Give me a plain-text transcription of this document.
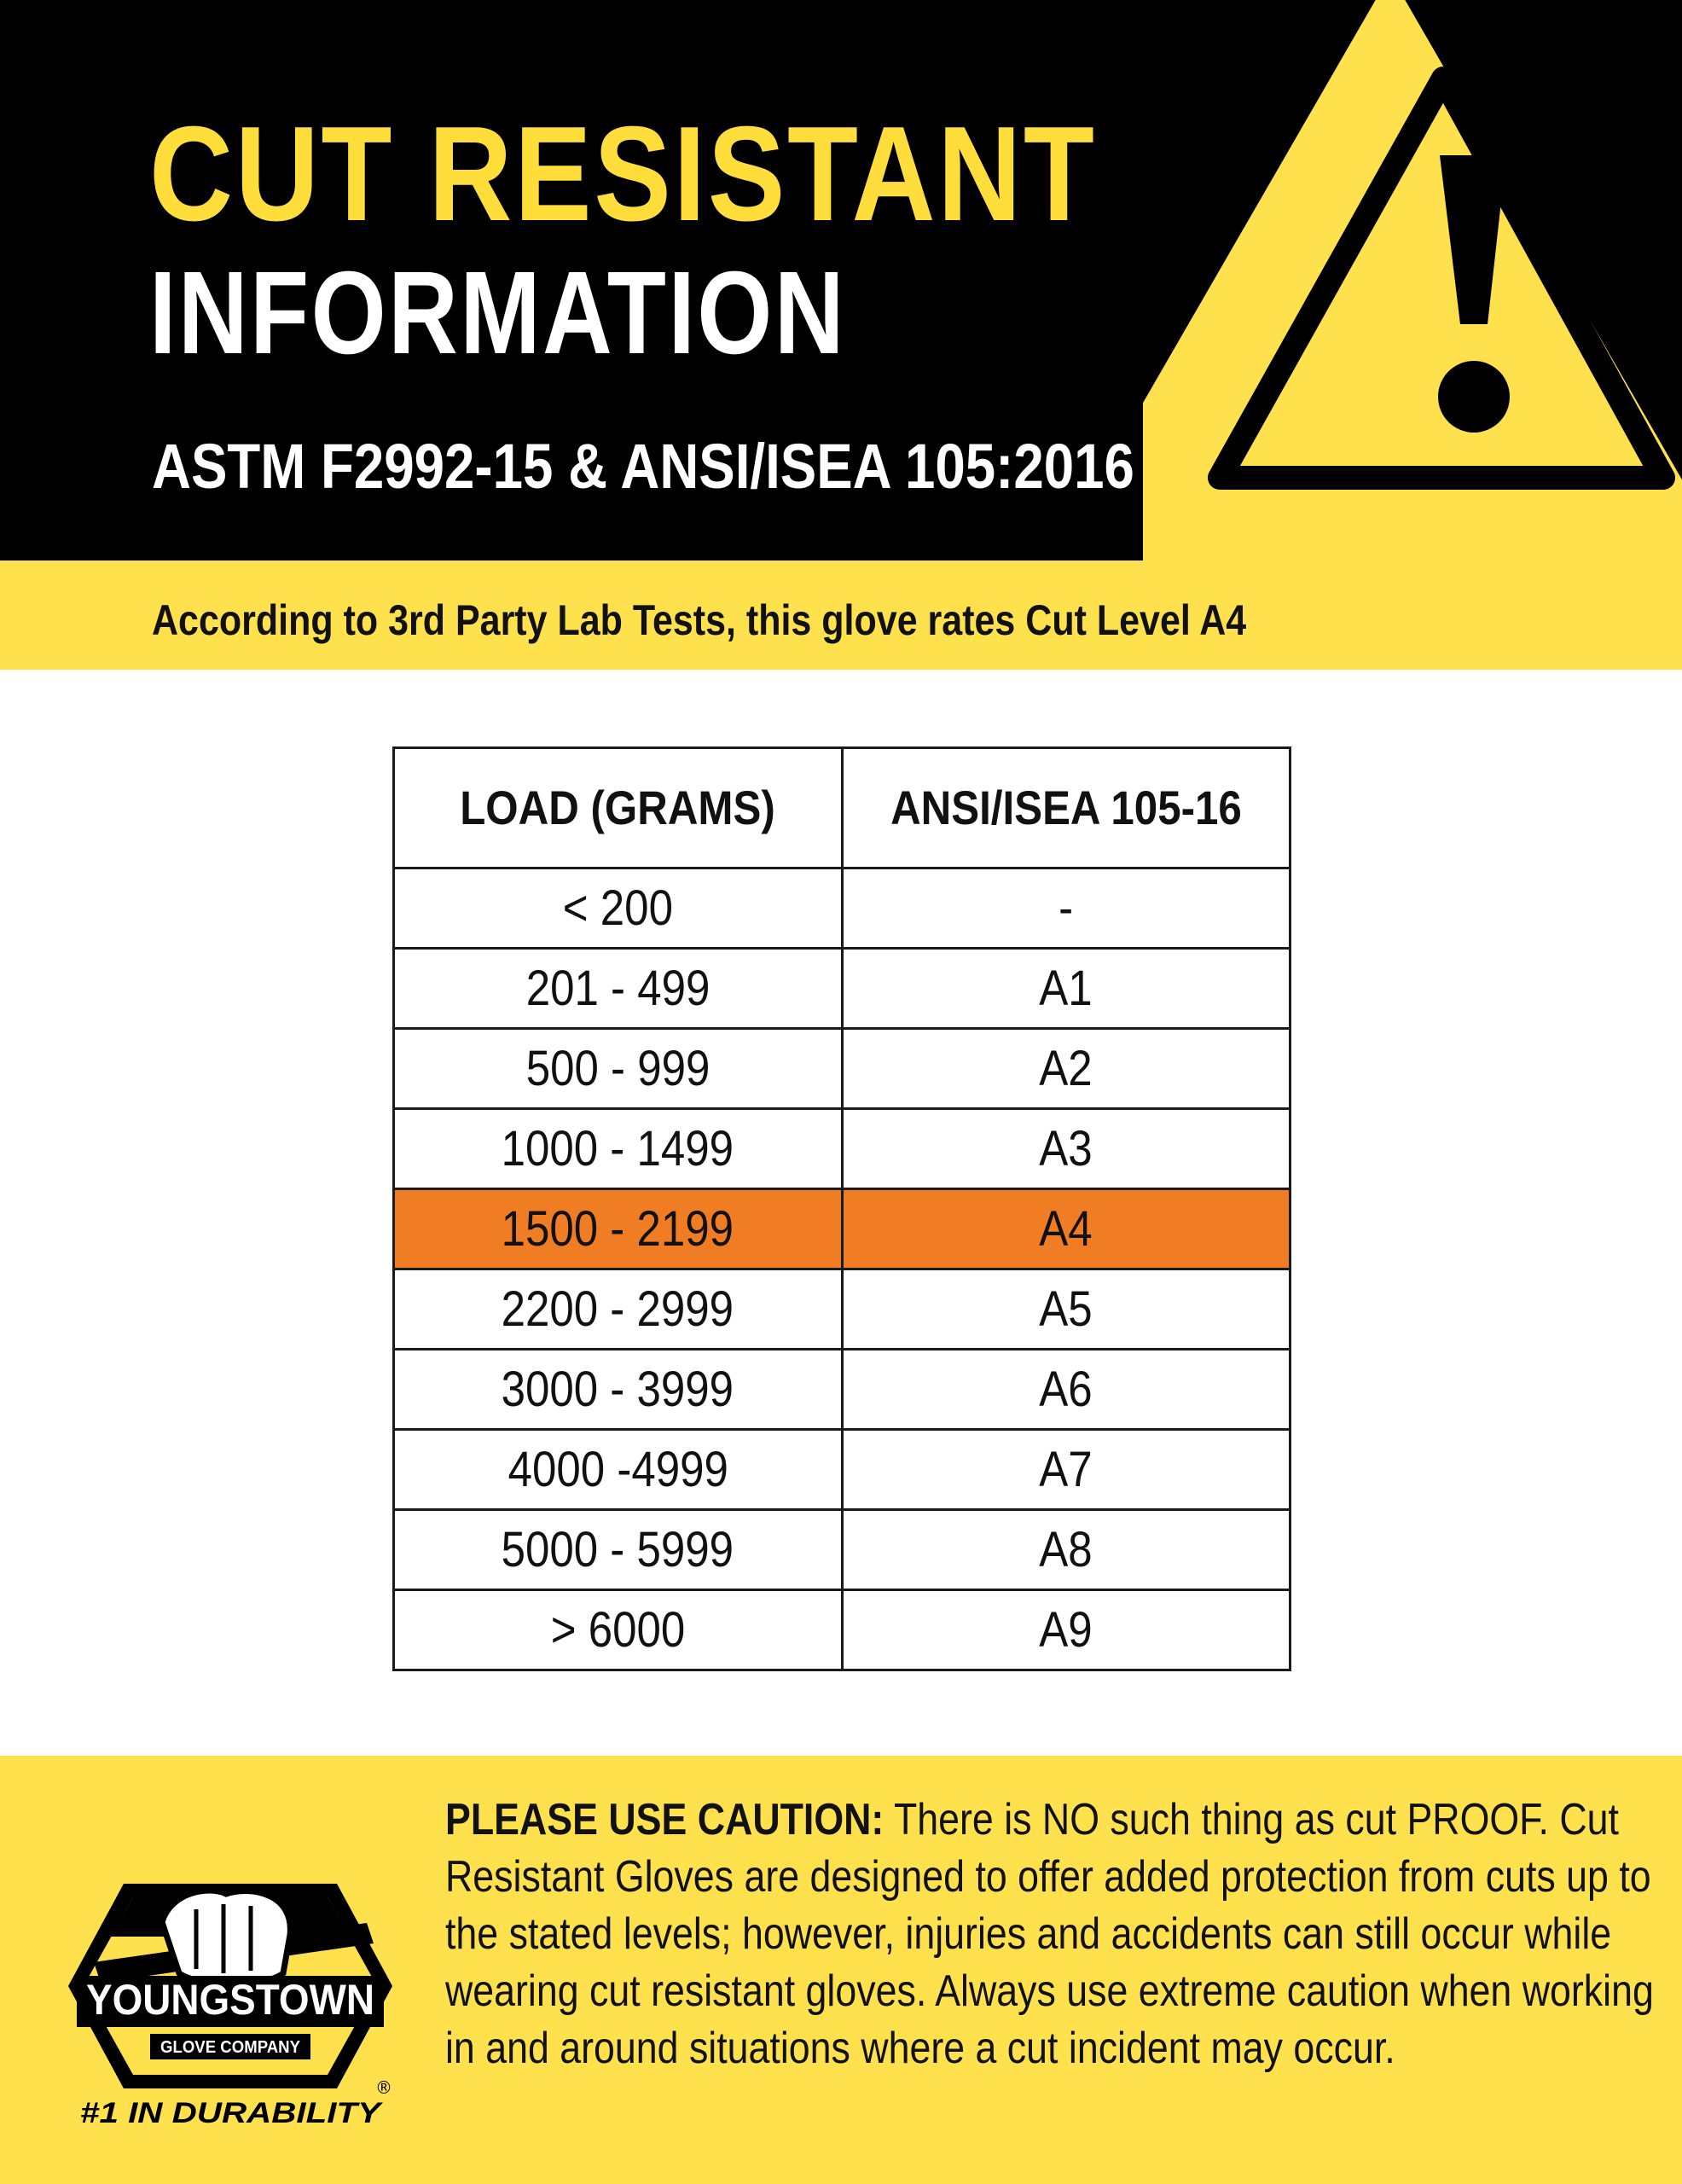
CUT RESISTANT
INFORMATION
ASTM F2992-15 & ANSI/ISEA 105:2016
According to 3rd Party Lab Tests, this glove rates Cut Level A4
LOAD (GRAMS)	ANSI/ISEA 105-16
< 200	-
201 - 499	A1
500 - 999	A2
1000 - 1499	A3
1500 - 2199	A4
2200 - 2999	A5
3000 - 3999	A6
4000 -4999	A7
5000 - 5999	A8
> 6000	A9
®
YOUNGSTOWN
GLOVE COMPANY
#1 IN DURABILITY
PLEASE USE CAUTION: There is NO such thing as cut PROOF. Cut Resistant Gloves are designed to offer added protection from cuts up to the stated levels; however, injuries and accidents can still occur while wearing cut resistant gloves. Always use extreme caution when working in and around situations where a cut incident may occur.
